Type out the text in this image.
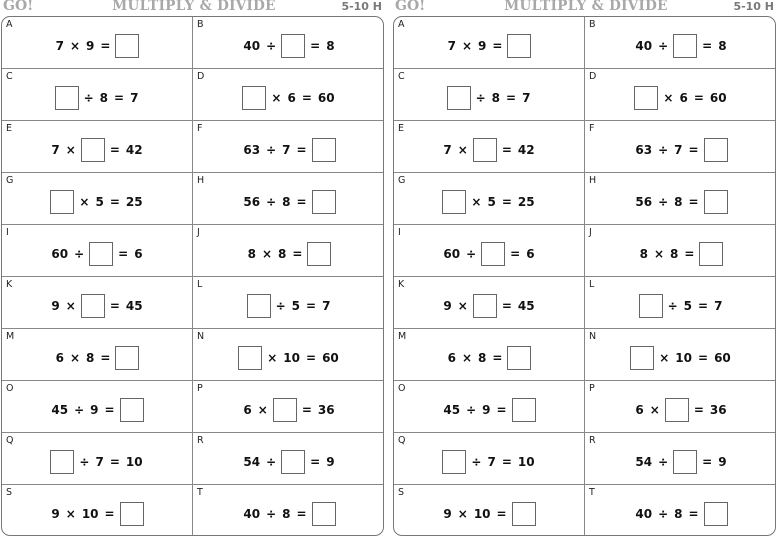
GO!	MULTIPLY & DIVIDE	5-10 H
A
7 × 9 =
B
40 ÷	= 8
C
÷ 8 = 7
D
× 6 = 60
E
7 ×	= 42
F
63 ÷ 7 =
G
× 5 = 25
H
56 ÷ 8 =
I
60 ÷	= 6
J
8 × 8 =
K
9 ×	= 45
L
÷ 5 = 7
M
6 × 8 =
N
× 10 = 60
O
45 ÷ 9 =
P
6 ×	= 36
Q
÷ 7 = 10
R
54 ÷	= 9
S
9 × 10 =
T
40 ÷ 8 =
GO!	MULTIPLY & DIVIDE	5-10 H
A
7 × 9 =
B
40 ÷	= 8
C
÷ 8 = 7
D
× 6 = 60
E
7 ×	= 42
F
63 ÷ 7 =
G
× 5 = 25
H
56 ÷ 8 =
I
60 ÷	= 6
J
8 × 8 =
K
9 ×	= 45
L
÷ 5 = 7
M
6 × 8 =
N
× 10 = 60
O
45 ÷ 9 =
P
6 ×	= 36
Q
÷ 7 = 10
R
54 ÷	= 9
S
9 × 10 =
T
40 ÷ 8 =
